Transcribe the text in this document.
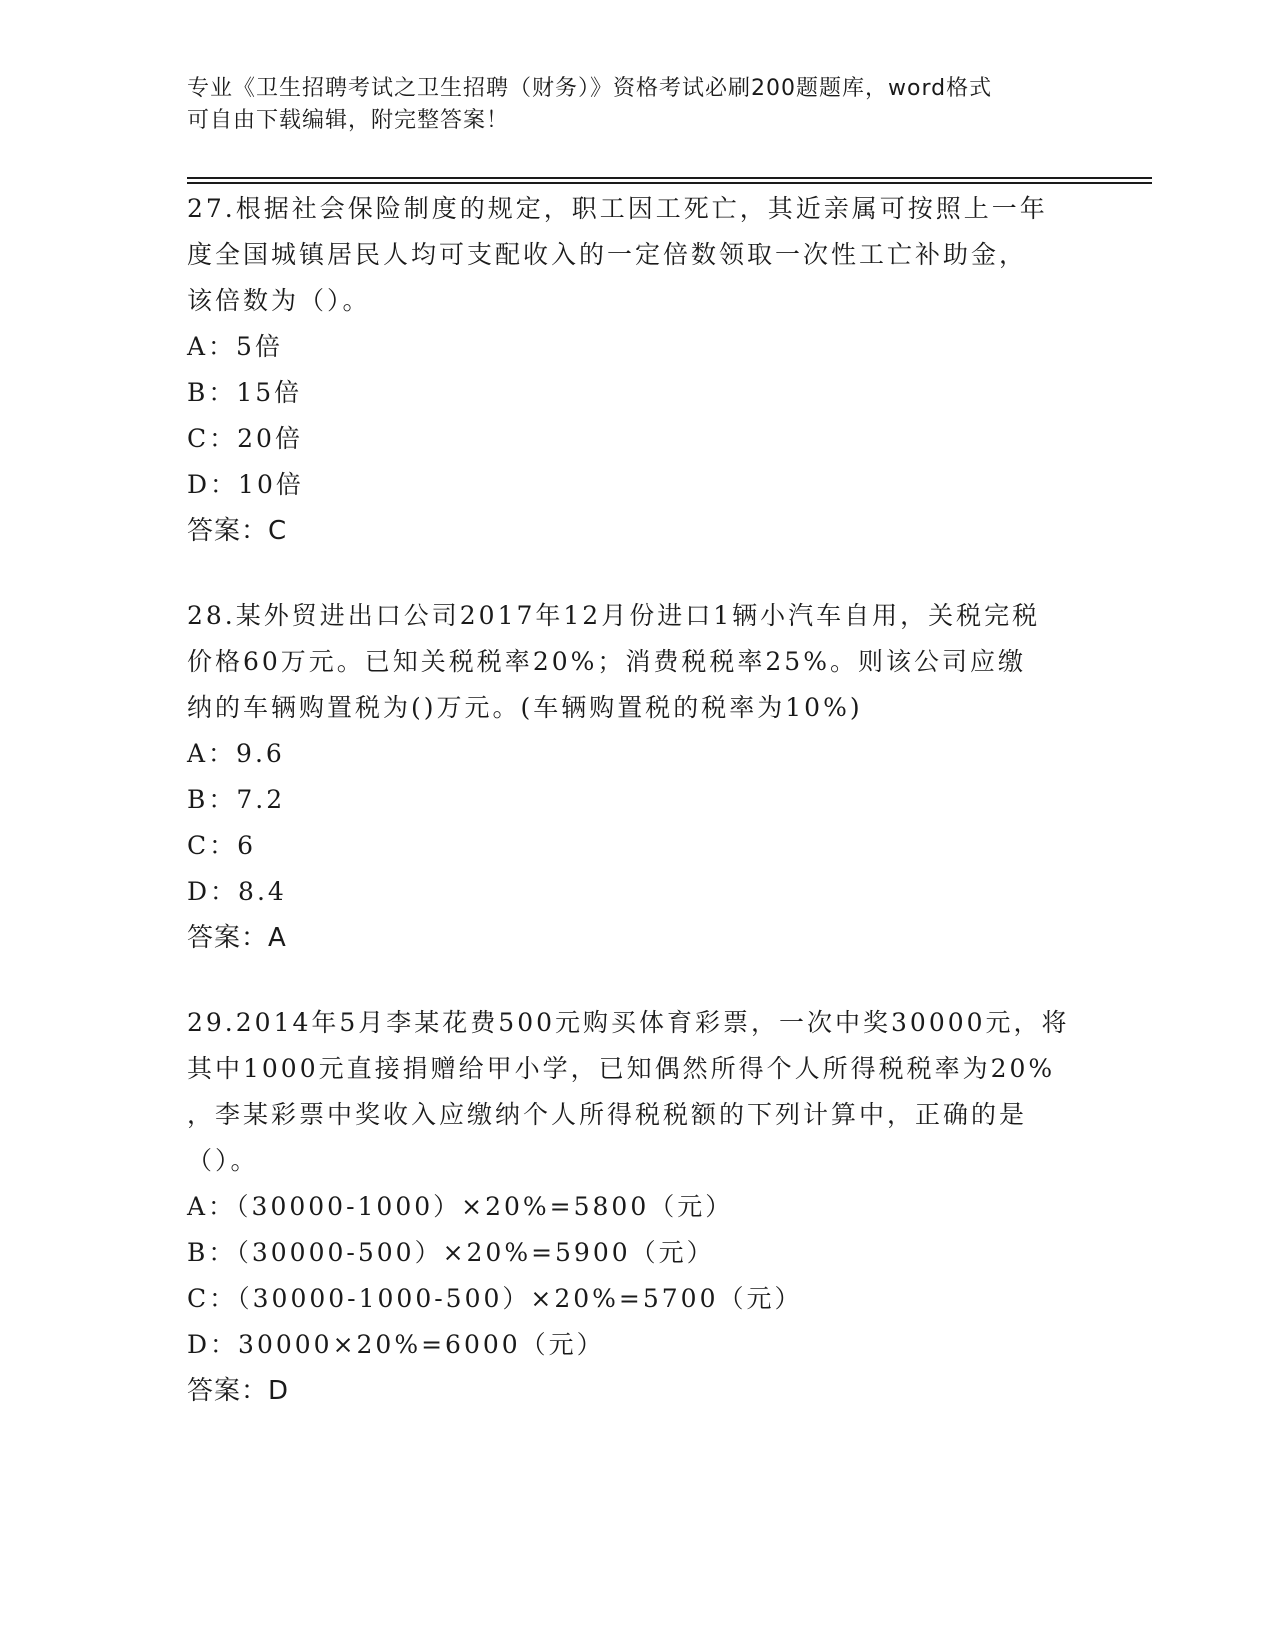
专业《卫生招聘考试之卫生招聘（财务）》资格考试必刷200题题库，word格式
可自由下载编辑，附完整答案！
27.根据社会保险制度的规定，职工因工死亡，其近亲属可按照上一年
度全国城镇居民人均可支配收入的一定倍数领取一次性工亡补助金，
该倍数为（）。
A：5倍
B：15倍
C：20倍
D：10倍
答案：C
28.某外贸进出口公司2017年12月份进口1辆小汽车自用，关税完税
价格60万元。已知关税税率20%；消费税税率25%。则该公司应缴
纳的车辆购置税为()万元。(车辆购置税的税率为10%)
A：9.6
B：7.2
C：6
D：8.4
答案：A
29.2014年5月李某花费500元购买体育彩票，一次中奖30000元，将
其中1000元直接捐赠给甲小学，已知偶然所得个人所得税税率为20%
，李某彩票中奖收入应缴纳个人所得税税额的下列计算中，正确的是
（）。
A：（30000-1000）×20%=5800（元）
B：（30000-500）×20%=5900（元）
C：（30000-1000-500）×20%=5700（元）
D：30000×20%=6000（元）
答案：D
